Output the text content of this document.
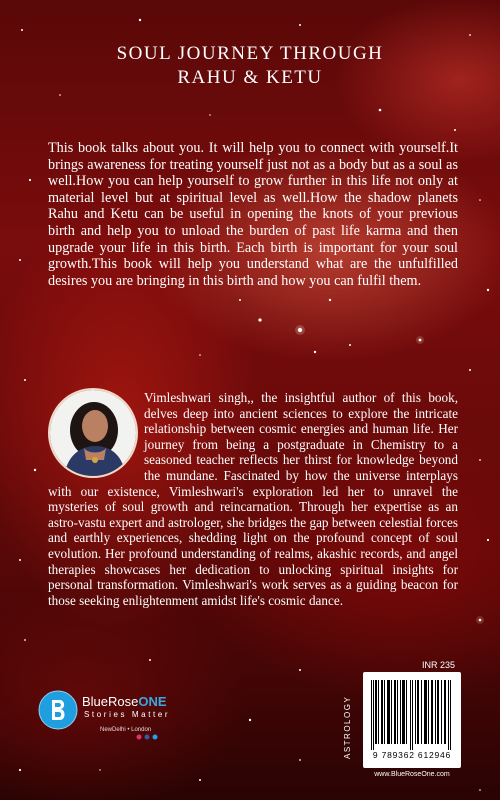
SOUL JOURNEY THROUGH
RAHU & KETU

This book talks about you. It will help you to connect with yourself.It brings awareness for treating yourself just not as a body but as a soul as well.How you can help yourself to grow further in this life not only at material level but at spiritual level as well.How the shadow planets Rahu and Ketu can be useful in opening the knots of your previous birth and help you to unload the burden of past life karma and then upgrade your life in this birth. Each birth is important for your soul growth.This book will help you understand what are the unfulfilled desires you are bringing in this birth and how you can fulfil them.

Vimleshwari singh,, the insightful author of this book, delves deep into ancient sciences to explore the intricate relationship between cosmic energies and human life. Her journey from being a postgraduate in Chemistry to a seasoned teacher reflects her thirst for knowledge beyond the mundane. Fascinated by how the universe interplays with our existence, Vimleshwari's exploration led her to unravel the mysteries of soul growth and reincarnation. Through her expertise as an astro-vastu expert and astrologer, she bridges the gap between celestial forces and earthly experiences, shedding light on the profound concept of soul evolution. Her profound understanding of realms, akashic records, and angel therapies showcases her dedication to unlocking spiritual insights for personal transformation. Vimleshwari's work serves as a guiding beacon for those seeking enlightenment amidst life's cosmic dance.

BlueRoseONE
Stories Matter
NewDelhi • London
INR 235
ASTROLOGY	9 789362 612946
www.BlueRoseOne.com
